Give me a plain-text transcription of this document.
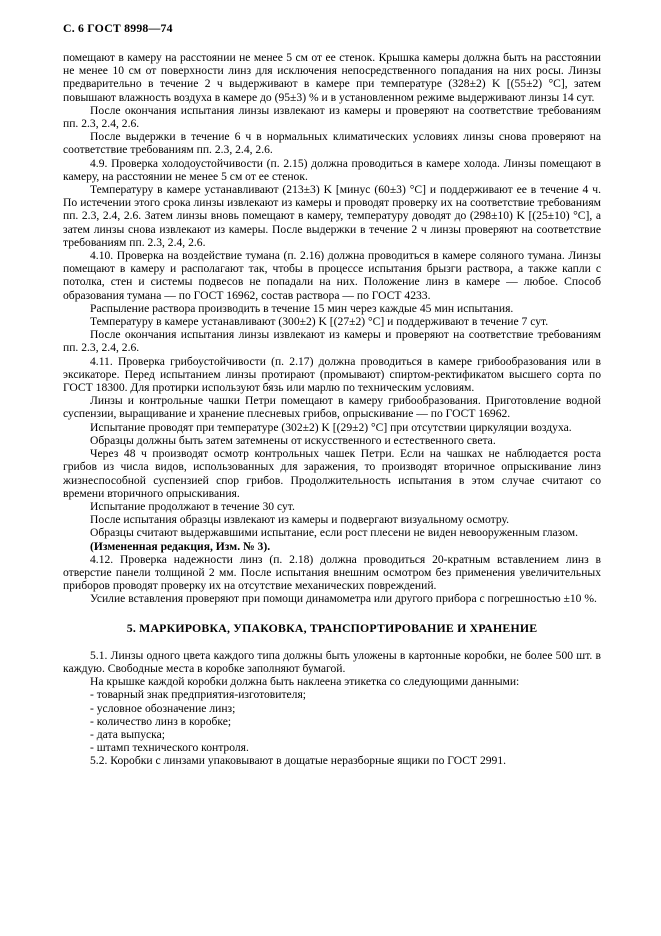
С. 6 ГОСТ 8998—74

помещают в камеру на расстоянии не менее 5 см от ее стенок. Крышка камеры должна быть на расстоянии не менее 10 см от поверхности линз для исключения непосредственного попадания на них росы. Линзы предварительно в течение 2 ч выдерживают в камере при температуре (328±2) K [(55±2) °С], затем повышают влажность воздуха в камере до (95±3) % и в установленном режиме выдерживают линзы 14 сут.

После окончания испытания линзы извлекают из камеры и проверяют на соответствие требованиям пп. 2.3, 2.4, 2.6.

После выдержки в течение 6 ч в нормальных климатических условиях линзы снова проверяют на соответствие требованиям пп. 2.3, 2.4, 2.6.

4.9. Проверка холодоустойчивости (п. 2.15) должна проводиться в камере холода. Линзы помещают в камеру, на расстоянии не менее 5 см от ее стенок.

Температуру в камере устанавливают (213±3) K [минус (60±3) °С] и поддерживают ее в течение 4 ч. По истечении этого срока линзы извлекают из камеры и проводят проверку их на соответствие требованиям пп. 2.3, 2.4, 2.6. Затем линзы вновь помещают в камеру, температуру доводят до (298±10) K [(25±10) °С], а затем линзы снова извлекают из камеры. После выдержки в течение 2 ч линзы проверяют на соответствие требованиям пп. 2.3, 2.4, 2.6.

4.10. Проверка на воздействие тумана (п. 2.16) должна проводиться в камере соляного тумана. Линзы помещают в камеру и располагают так, чтобы в процессе испытания брызги раствора, а также капли с потолка, стен и системы подвесов не попадали на них. Положение линз в камере — любое. Способ образования тумана — по ГОСТ 16962, состав раствора — по ГОСТ 4233.

Распыление раствора производить в течение 15 мин через каждые 45 мин испытания.

Температуру в камере устанавливают (300±2) K [(27±2) °С] и поддерживают в течение 7 сут.

После окончания испытания линзы извлекают из камеры и проверяют на соответствие требованиям пп. 2.3, 2.4, 2.6.

4.11. Проверка грибоустойчивости (п. 2.17) должна проводиться в камере грибообразования или в эксикаторе. Перед испытанием линзы протирают (промывают) спиртом-ректификатом высшего сорта по ГОСТ 18300. Для протирки используют бязь или марлю по техническим условиям.

Линзы и контрольные чашки Петри помещают в камеру грибообразования. Приготовление водной суспензии, выращивание и хранение плесневых грибов, опрыскивание — по ГОСТ 16962.

Испытание проводят при температуре (302±2) K [(29±2) °С] при отсутствии циркуляции воздуха.

Образцы должны быть затем затемнены от искусственного и естественного света.

Через 48 ч производят осмотр контрольных чашек Петри. Если на чашках не наблюдается роста грибов из числа видов, использованных для заражения, то производят вторичное опрыскивание линз жизнеспособной суспензией спор грибов. Продолжительность испытания в этом случае считают со времени вторичного опрыскивания.

Испытание продолжают в течение 30 сут.

После испытания образцы извлекают из камеры и подвергают визуальному осмотру.

Образцы считают выдержавшими испытание, если рост плесени не виден невооруженным глазом.

(Измененная редакция, Изм. № 3).

4.12. Проверка надежности линз (п. 2.18) должна проводиться 20-кратным вставлением линз в отверстие панели толщиной 2 мм. После испытания внешним осмотром без применения увеличительных приборов проводят проверку их на отсутствие механических повреждений.

Усилие вставления проверяют при помощи динамометра или другого прибора с погрешностью ±10 %.

5. МАРКИРОВКА, УПАКОВКА, ТРАНСПОРТИРОВАНИЕ И ХРАНЕНИЕ

5.1. Линзы одного цвета каждого типа должны быть уложены в картонные коробки, не более 500 шт. в каждую. Свободные места в коробке заполняют бумагой.

На крышке каждой коробки должна быть наклеена этикетка со следующими данными:

- товарный знак предприятия-изготовителя;

- условное обозначение линз;

- количество линз в коробке;

- дата выпуска;

- штамп технического контроля.

5.2. Коробки с линзами упаковывают в дощатые неразборные ящики по ГОСТ 2991.
